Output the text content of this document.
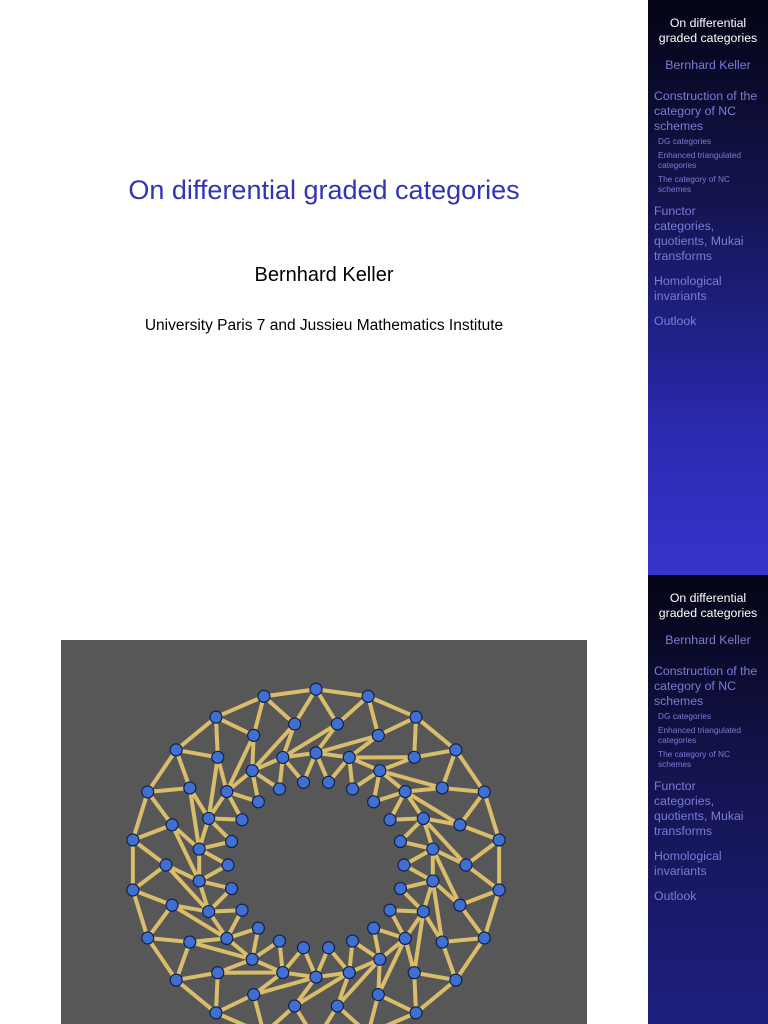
On differential graded categories
Bernhard Keller
University Paris 7 and Jussieu Mathematics Institute
On differential
graded categories
Bernhard Keller
Construction of the
category of NC
schemes
DG categories
Enhanced triangulated
categories
The category of NC
schemes
Functor
categories,
quotients, Mukai
transforms
Homological
invariants
Outlook
On differential
graded categories
Bernhard Keller
Construction of the
category of NC
schemes
DG categories
Enhanced triangulated
categories
The category of NC
schemes
Functor
categories,
quotients, Mukai
transforms
Homological
invariants
Outlook
